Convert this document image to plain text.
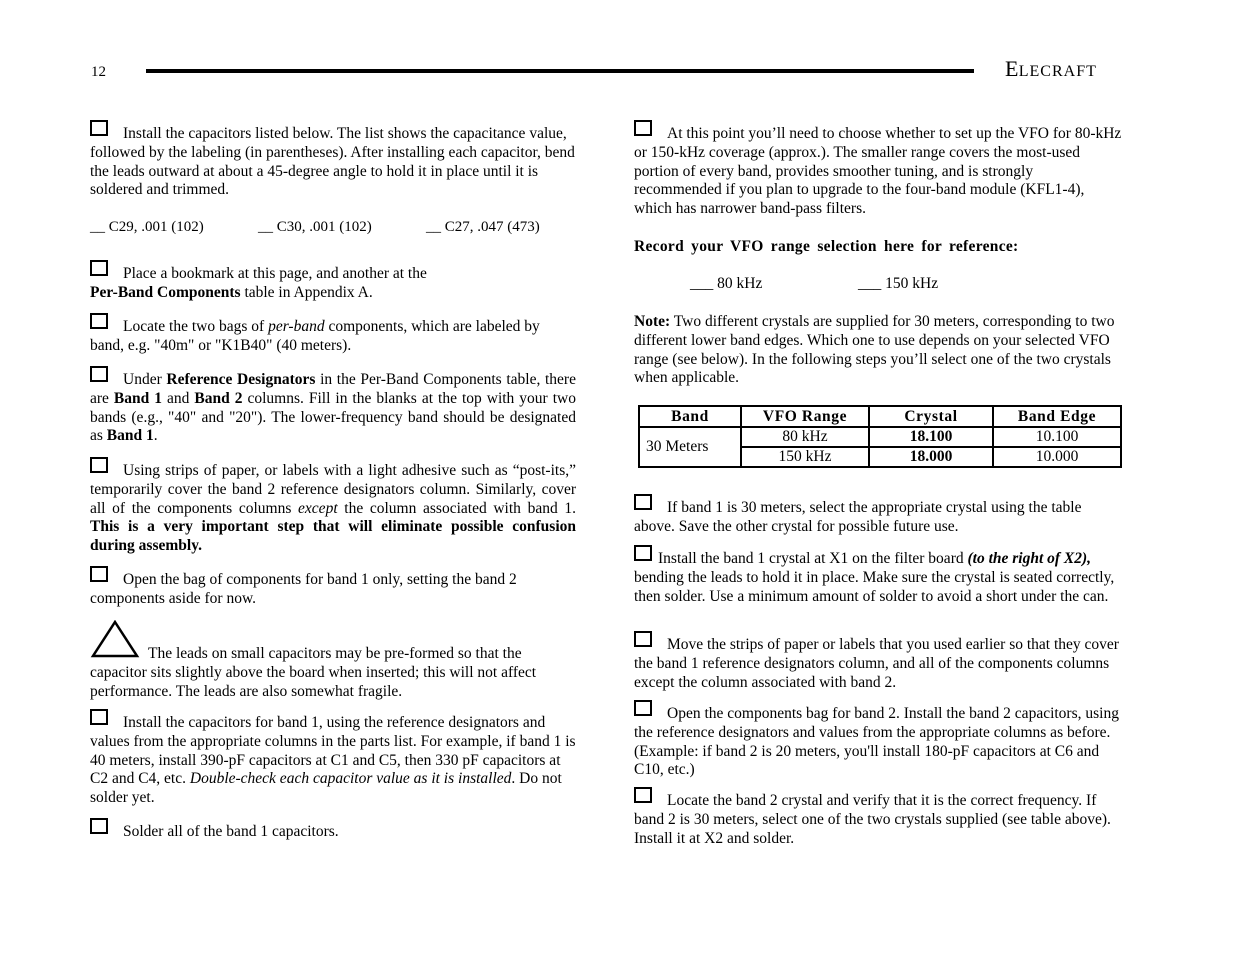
12	ELECRAFT

Install the capacitors listed below. The list shows the capacitance value, followed by the labeling (in parentheses). After installing each capacitor, bend the leads outward at about a 45-degree angle to hold it in place until it is soldered and trimmed.

__ C29, .001 (102)	__ C30, .001 (102)	__ C27, .047 (473)

Place a bookmark at this page, and another at the
Per-Band Components table in Appendix A.

Locate the two bags of per-band components, which are labeled by band, e.g. "40m" or "K1B40" (40 meters).

Under Reference Designators in the Per-Band Components table, there are Band 1 and Band 2 columns. Fill in the blanks at the top with your two bands (e.g., "40" and "20"). The lower-frequency band should be designated as Band 1.

Using strips of paper, or labels with a light adhesive such as “post-its,” temporarily cover the band 2 reference designators column. Similarly, cover all of the components columns except the column associated with band 1. This is a very important step that will eliminate possible confusion during assembly.

Open the bag of components for band 1 only, setting the band 2 components aside for now.

The leads on small capacitors may be pre-formed so that the capacitor sits slightly above the board when inserted; this will not affect performance. The leads are also somewhat fragile.

Install the capacitors for band 1, using the reference designators and values from the appropriate columns in the parts list. For example, if band 1 is 40 meters, install 390-pF capacitors at C1 and C5, then 330 pF capacitors at C2 and C4, etc. Double-check each capacitor value as it is installed. Do not solder yet.

Solder all of the band 1 capacitors.

At this point you’ll need to choose whether to set up the VFO for 80-kHz or 150-kHz coverage (approx.). The smaller range covers the most-used portion of every band, provides smoother tuning, and is strongly recommended if you plan to upgrade to the four-band module (KFL1-4), which has narrower band-pass filters.

Record your VFO range selection here for reference:
___ 80 kHz	___ 150 kHz

Note: Two different crystals are supplied for 30 meters, corresponding to two different lower band edges. Which one to use depends on your selected VFO range (see below). In the following steps you’ll select one of the two crystals when applicable.

Band	VFO Range	Crystal	Band Edge
30 Meters	80 kHz	18.100	10.100
	150 kHz	18.000	10.000

If band 1 is 30 meters, select the appropriate crystal using the table above. Save the other crystal for possible future use.

Install the band 1 crystal at X1 on the filter board (to the right of X2), bending the leads to hold it in place. Make sure the crystal is seated correctly, then solder. Use a minimum amount of solder to avoid a short under the can.

Move the strips of paper or labels that you used earlier so that they cover the band 1 reference designators column, and all of the components columns except the column associated with band 2.

Open the components bag for band 2. Install the band 2 capacitors, using the reference designators and values from the appropriate columns as before. (Example: if band 2 is 20 meters, you'll install 180-pF capacitors at C6 and C10, etc.)

Locate the band 2 crystal and verify that it is the correct frequency. If band 2 is 30 meters, select one of the two crystals supplied (see table above). Install it at X2 and solder.
